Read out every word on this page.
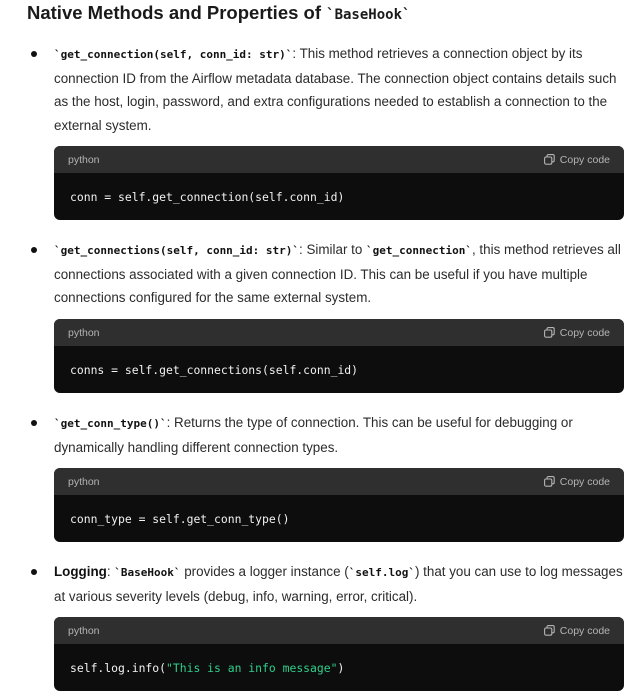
Native Methods and Properties of `BaseHook`

`get_connection(self, conn_id: str)`: This method retrieves a connection object by its connection ID from the Airflow metadata database. The connection object contains details such as the host, login, password, and extra configurations needed to establish a connection to the external system.

python	Copy code
conn = self.get_connection(self.conn_id)

`get_connections(self, conn_id: str)`: Similar to `get_connection`, this method retrieves all connections associated with a given connection ID. This can be useful if you have multiple connections configured for the same external system.

python	Copy code
conns = self.get_connections(self.conn_id)

`get_conn_type()`: Returns the type of connection. This can be useful for debugging or dynamically handling different connection types.

python	Copy code
conn_type = self.get_conn_type()

Logging: `BaseHook` provides a logger instance (`self.log`) that you can use to log messages at various severity levels (debug, info, warning, error, critical).

python	Copy code
self.log.info("This is an info message")
